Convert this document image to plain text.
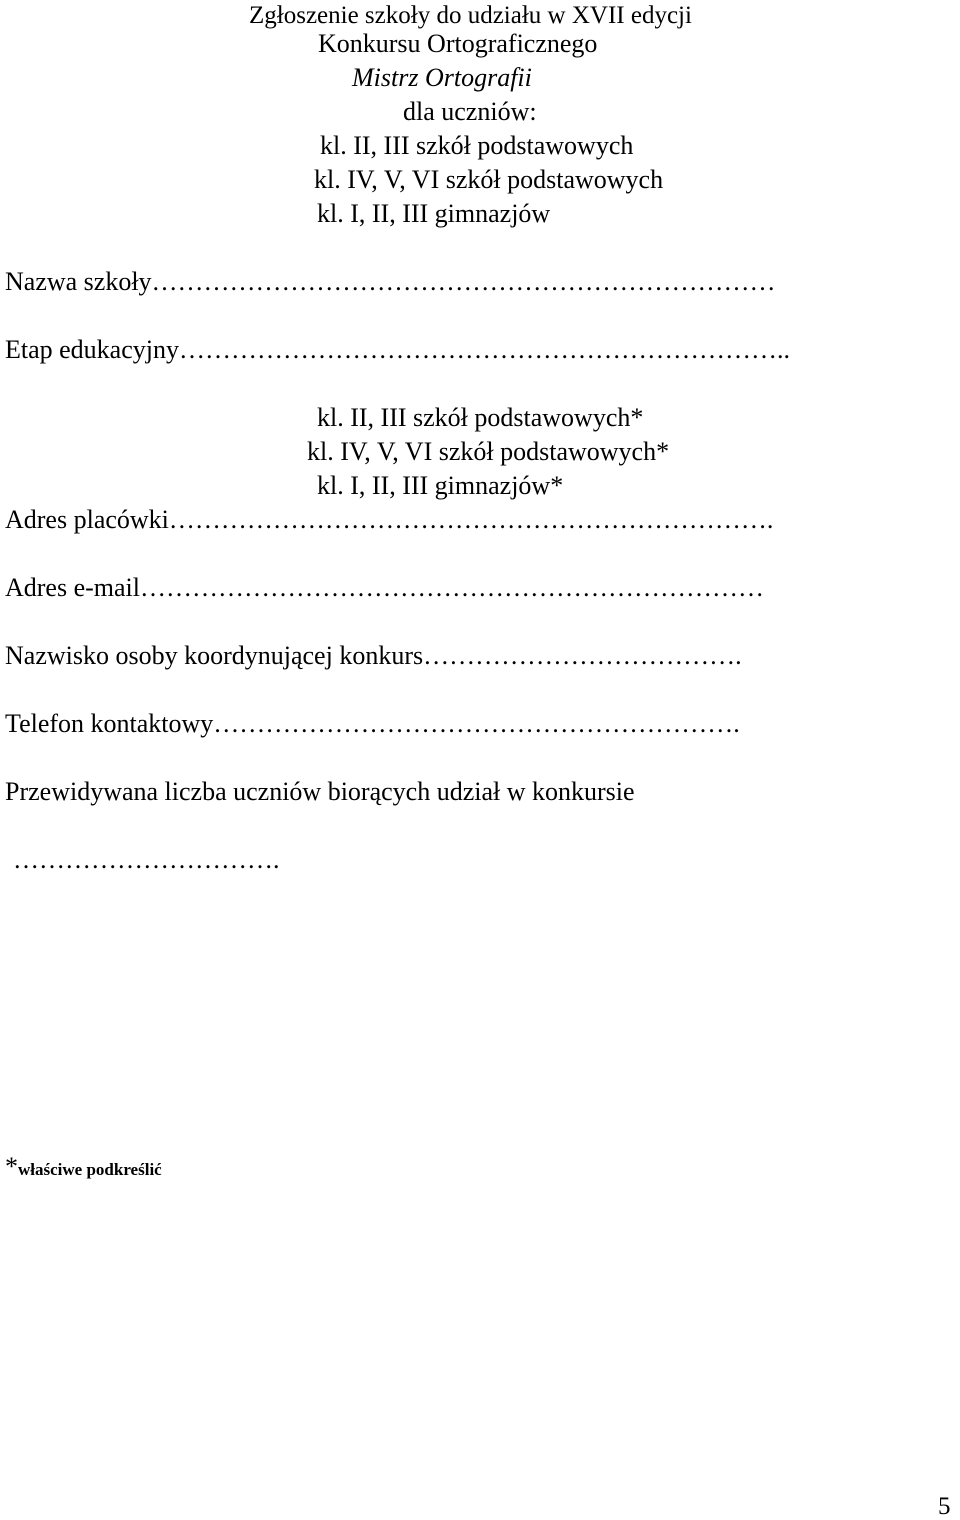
Zgłoszenie szkoły do udziału w XVII edycji
Konkursu Ortograficznego
Mistrz Ortografii
dla uczniów:
kl. II, III szkół podstawowych
kl. IV, V, VI szkół podstawowych
kl. I, II, III gimnazjów
Nazwa szkoły………………………………………………………………
Etap edukacyjny……………………………………………………………..
kl. II, III szkół podstawowych*
kl. IV, V, VI szkół podstawowych*
kl. I, II, III gimnazjów*
Adres placówki…………………………………………………………….
Adres e-mail………………………………………………………………
Nazwisko osoby koordynującej konkurs……………………………….
Telefon kontaktowy…………………………………………………….
Przewidywana liczba uczniów biorących udział w konkursie
………………………….
*właściwe podkreślić
5
